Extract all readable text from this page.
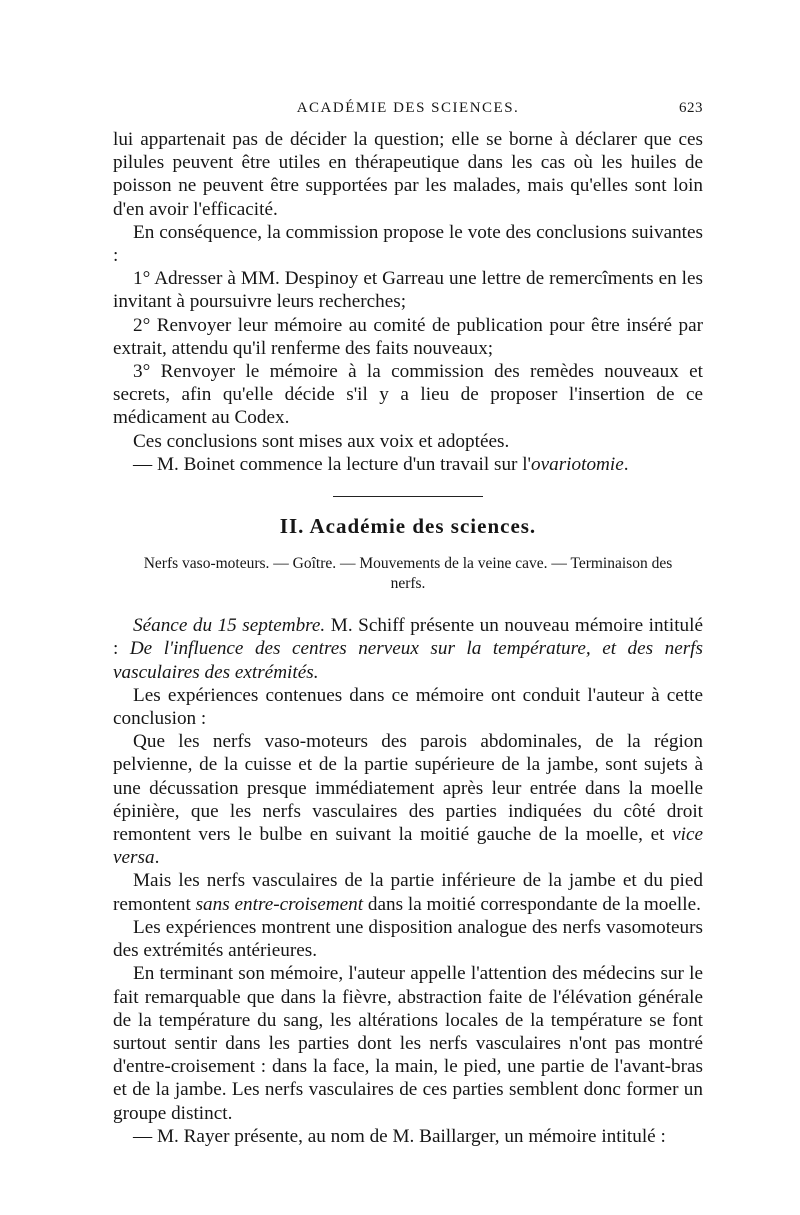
ACADÉMIE DES SCIENCES.	623

lui appartenait pas de décider la question; elle se borne à déclarer que ces pilules peuvent être utiles en thérapeutique dans les cas où les huiles de poisson ne peuvent être supportées par les malades, mais qu'elles sont loin d'en avoir l'efficacité.

En conséquence, la commission propose le vote des conclusions suivantes :

1° Adresser à MM. Despinoy et Garreau une lettre de remercîments en les invitant à poursuivre leurs recherches;

2° Renvoyer leur mémoire au comité de publication pour être inséré par extrait, attendu qu'il renferme des faits nouveaux;

3° Renvoyer le mémoire à la commission des remèdes nouveaux et secrets, afin qu'elle décide s'il y a lieu de proposer l'insertion de ce médicament au Codex.

Ces conclusions sont mises aux voix et adoptées.

— M. Boinet commence la lecture d'un travail sur l'ovariotomie.

II. Académie des sciences.
Nerfs vaso-moteurs. — Goître. — Mouvements de la veine cave. — Terminaison des nerfs.

Séance du 15 septembre. M. Schiff présente un nouveau mémoire intitulé : De l'influence des centres nerveux sur la température, et des nerfs vasculaires des extrémités.

Les expériences contenues dans ce mémoire ont conduit l'auteur à cette conclusion :

Que les nerfs vaso-moteurs des parois abdominales, de la région pelvienne, de la cuisse et de la partie supérieure de la jambe, sont sujets à une décussation presque immédiatement après leur entrée dans la moelle épinière, que les nerfs vasculaires des parties indiquées du côté droit remontent vers le bulbe en suivant la moitié gauche de la moelle, et vice versa.

Mais les nerfs vasculaires de la partie inférieure de la jambe et du pied remontent sans entre-croisement dans la moitié correspondante de la moelle.

Les expériences montrent une disposition analogue des nerfs vasomoteurs des extrémités antérieures.

En terminant son mémoire, l'auteur appelle l'attention des médecins sur le fait remarquable que dans la fièvre, abstraction faite de l'élévation générale de la température du sang, les altérations locales de la température se font surtout sentir dans les parties dont les nerfs vasculaires n'ont pas montré d'entre-croisement : dans la face, la main, le pied, une partie de l'avant-bras et de la jambe. Les nerfs vasculaires de ces parties semblent donc former un groupe distinct.

— M. Rayer présente, au nom de M. Baillarger, un mémoire intitulé :
